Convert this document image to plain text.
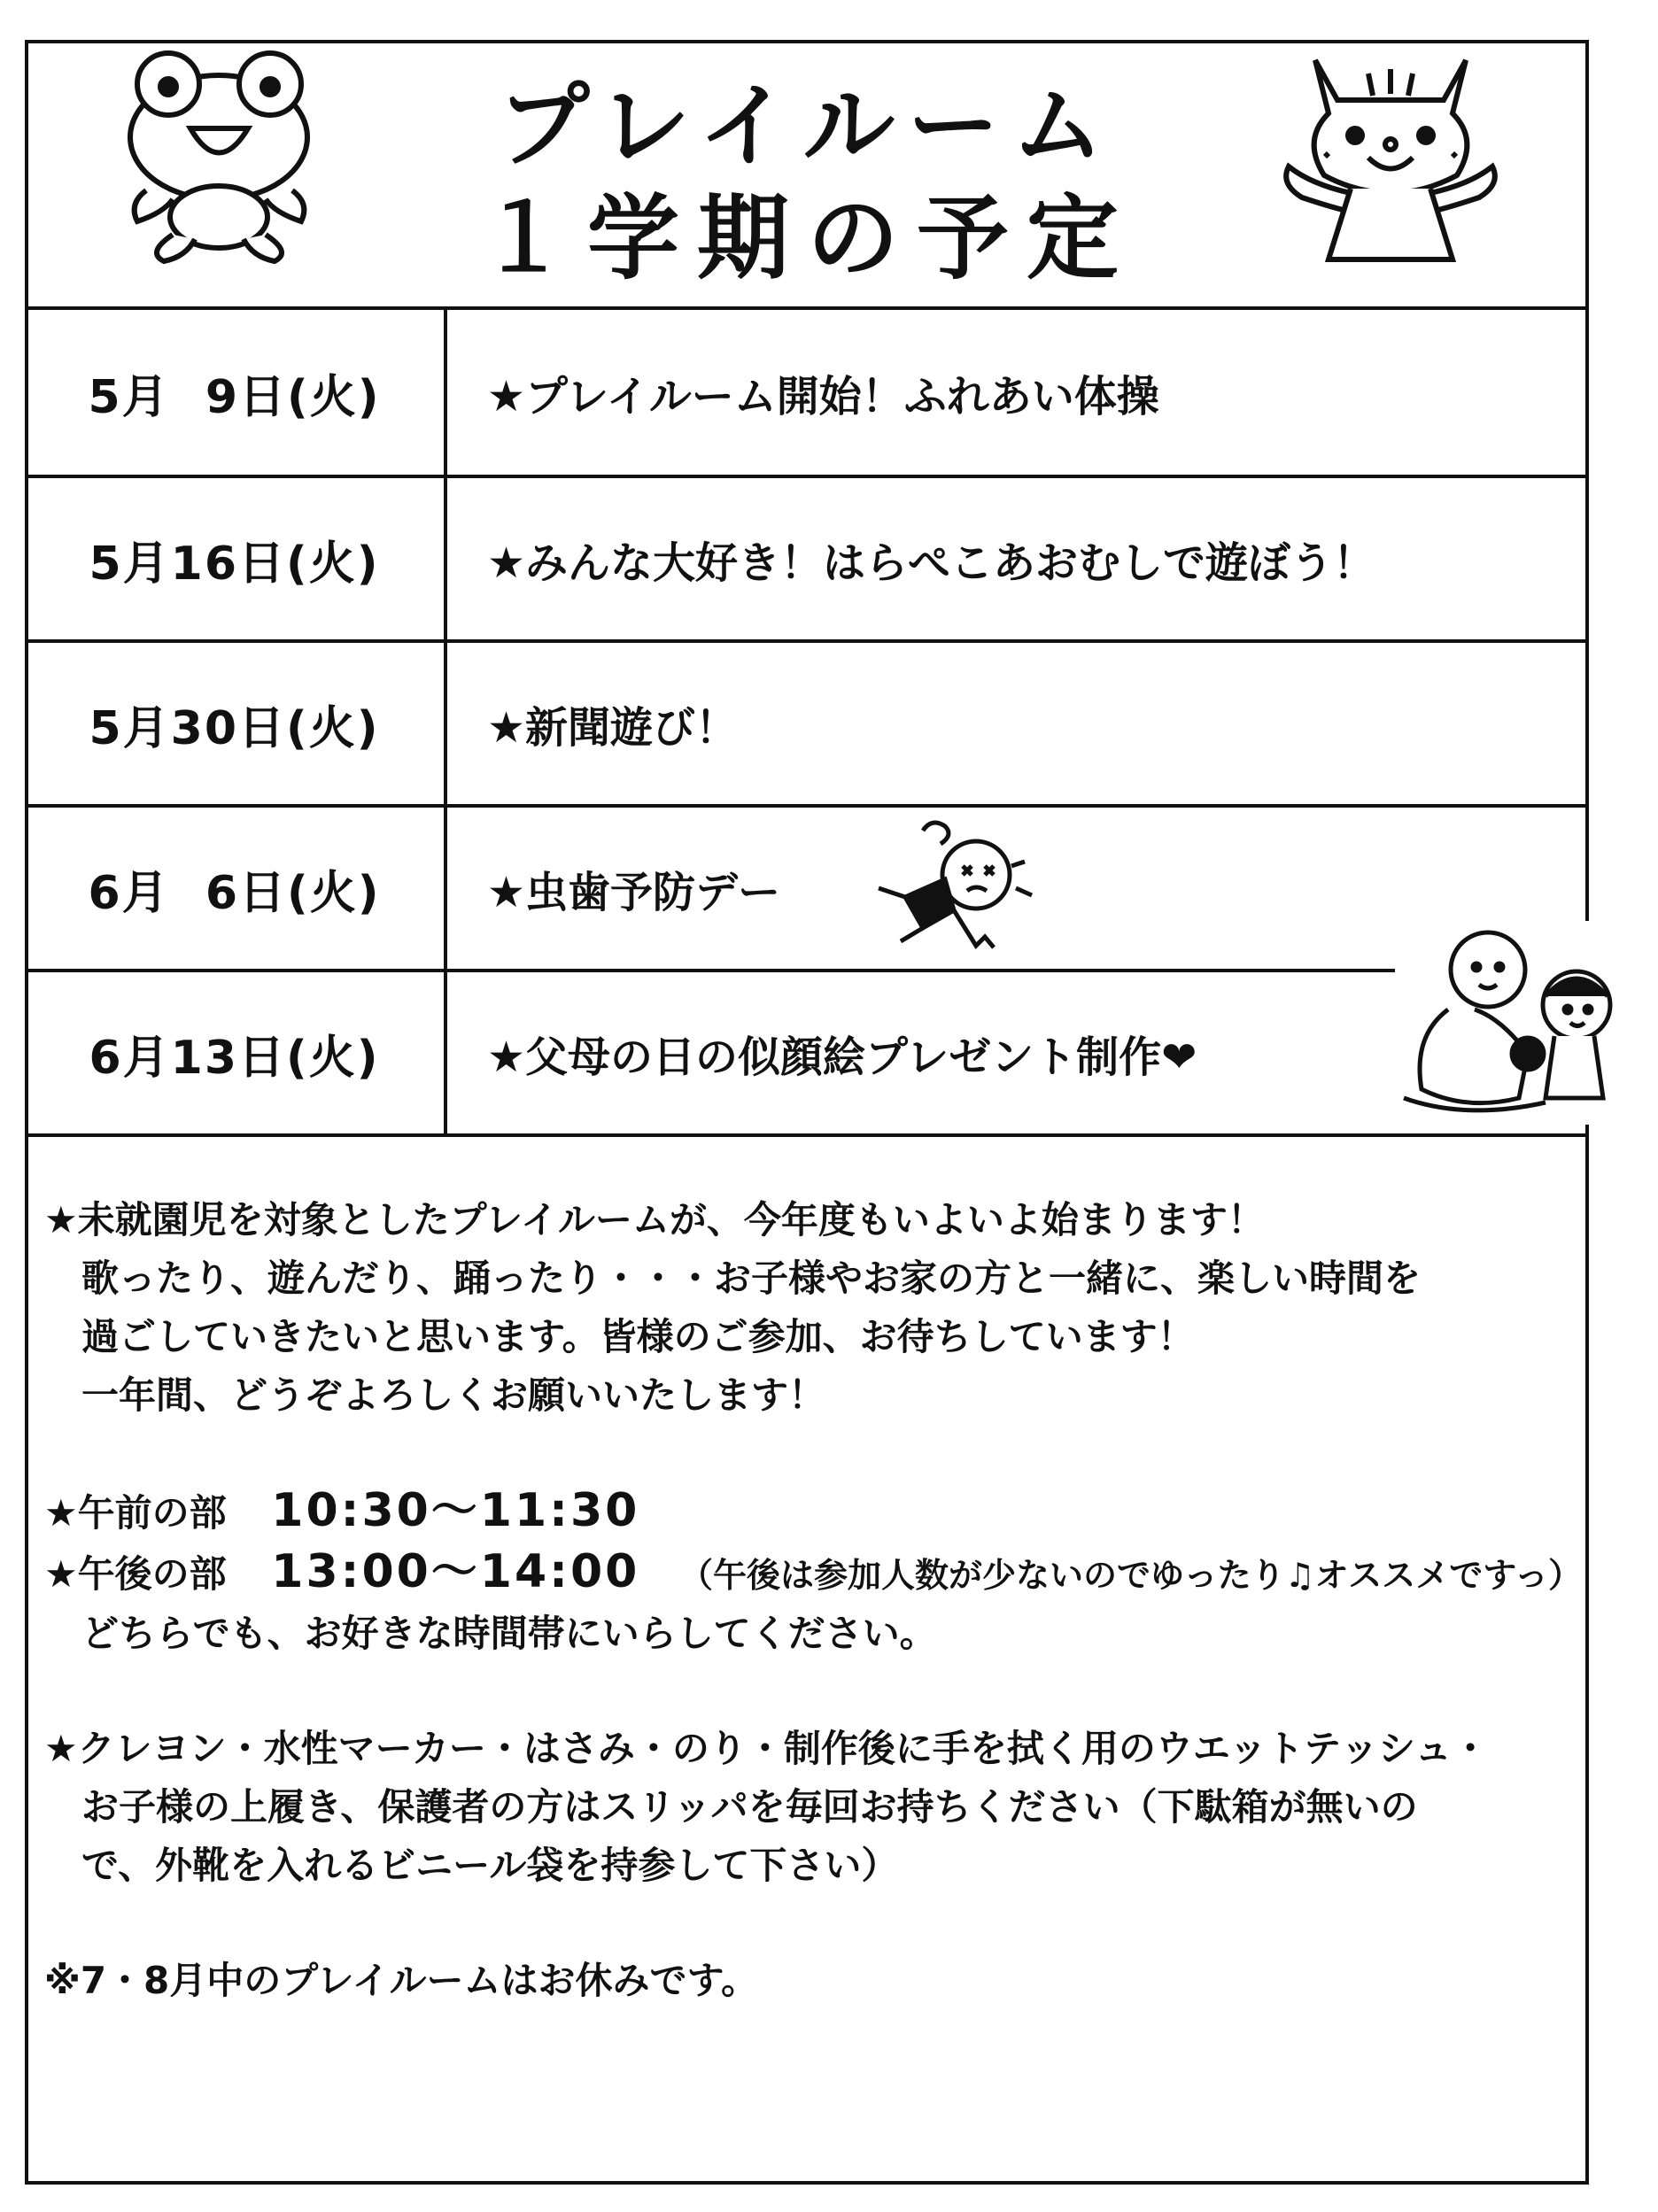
プレイルーム
１学期の予定
5月  9日(火)	★プレイルーム開始！ふれあい体操
5月16日(火)	★みんな大好き！はらぺこあおむしで遊ぼう！
5月30日(火)	★新聞遊び！
6月  6日(火)	★虫歯予防デー
6月13日(火)	★父母の日の似顔絵プレゼント制作❤
★未就園児を対象としたプレイルームが、今年度もいよいよ始まります！
歌ったり、遊んだり、踊ったり・・・お子様やお家の方と一緒に、楽しい時間を
過ごしていきたいと思います。皆様のご参加、お待ちしています！
一年間、どうぞよろしくお願いいたします！
★午前の部 10:30〜11:30
★午後の部 13:00〜14:00 （午後は参加人数が少ないのでゆったり♫オススメですっ）
どちらでも、お好きな時間帯にいらしてください。
★クレヨン・水性マーカー・はさみ・のり・制作後に手を拭く用のウエットテッシュ・
お子様の上履き、保護者の方はスリッパを毎回お持ちください（下駄箱が無いの
で、外靴を入れるビニール袋を持参して下さい）
※7・8月中のプレイルームはお休みです。
